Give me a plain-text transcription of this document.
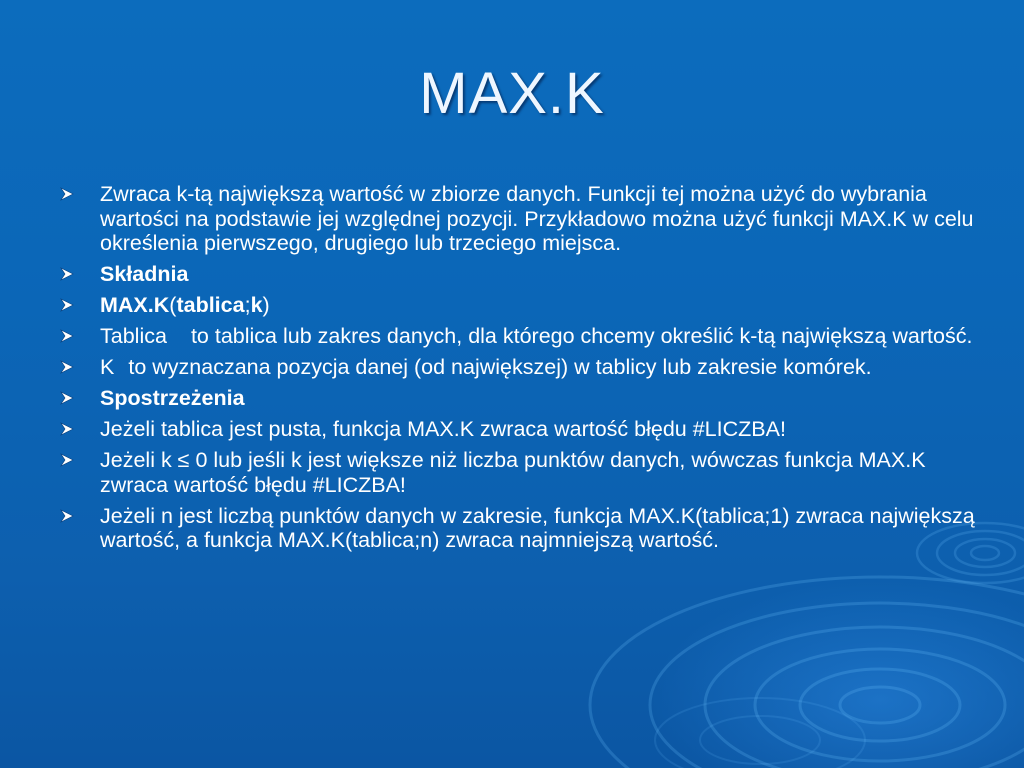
MAX.K
Zwraca k-tą największą wartość w zbiorze danych. Funkcji tej można użyć do wybrania wartości na podstawie jej względnej pozycji. Przykładowo można użyć funkcji MAX.K w celu określenia pierwszego, drugiego lub trzeciego miejsca.
Składnia
MAX.K(tablica;k)
Tablica to tablica lub zakres danych, dla którego chcemy określić k-tą największą wartość.
K to wyznaczana pozycja danej (od największej) w tablicy lub zakresie komórek.
Spostrzeżenia
Jeżeli tablica jest pusta, funkcja MAX.K zwraca wartość błędu #LICZBA!
Jeżeli k ≤ 0 lub jeśli k jest większe niż liczba punktów danych, wówczas funkcja MAX.K zwraca wartość błędu #LICZBA!
Jeżeli n jest liczbą punktów danych w zakresie, funkcja MAX.K(tablica;1) zwraca największą wartość, a funkcja MAX.K(tablica;n) zwraca najmniejszą wartość.
